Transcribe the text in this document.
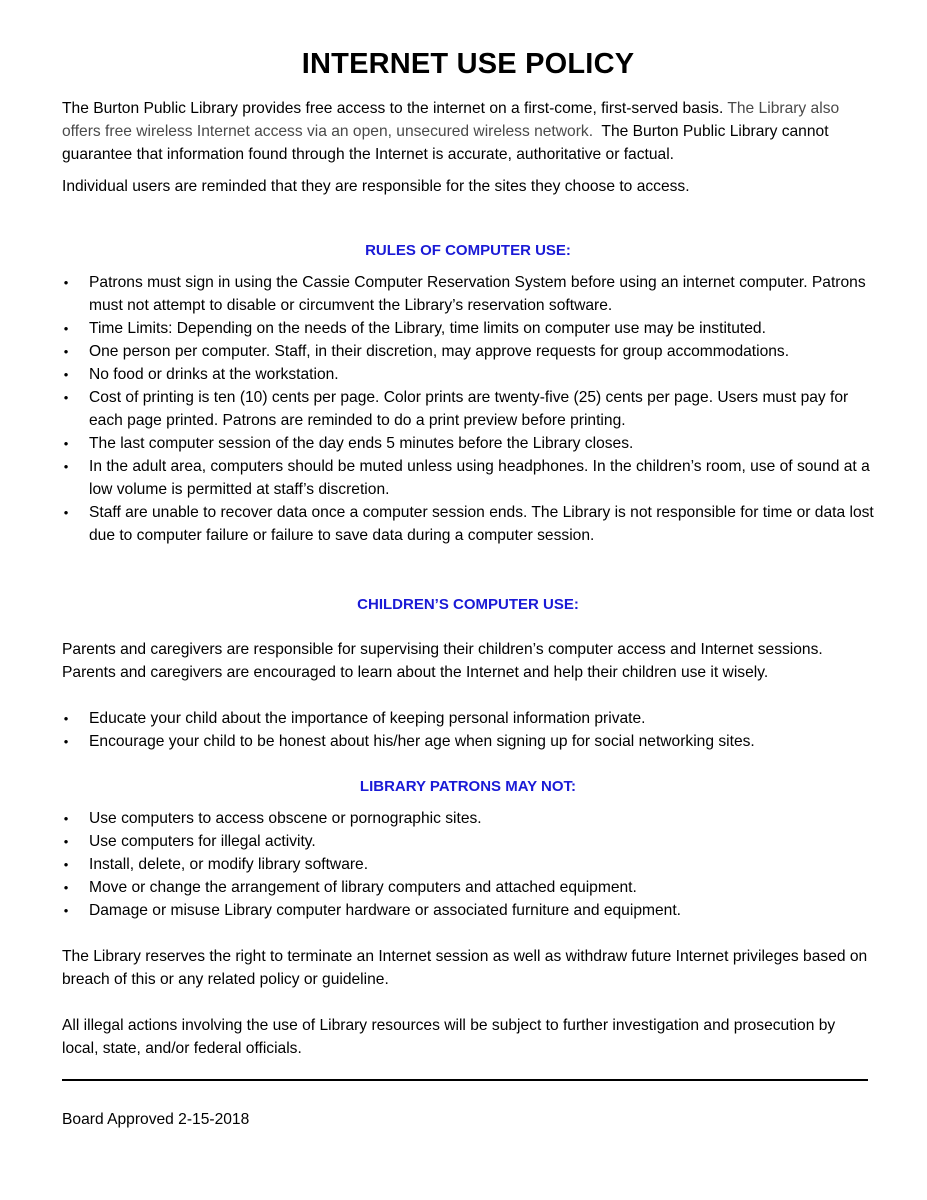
INTERNET USE POLICY

The Burton Public Library provides free access to the internet on a first-come, first-served basis. The Library also offers free wireless Internet access via an open, unsecured wireless network. The Burton Public Library cannot guarantee that information found through the Internet is accurate, authoritative or factual.

Individual users are reminded that they are responsible for the sites they choose to access.

RULES OF COMPUTER USE:
• Patrons must sign in using the Cassie Computer Reservation System before using an internet computer. Patrons must not attempt to disable or circumvent the Library’s reservation software.
• Time Limits: Depending on the needs of the Library, time limits on computer use may be instituted.
• One person per computer. Staff, in their discretion, may approve requests for group accommodations.
• No food or drinks at the workstation.
• Cost of printing is ten (10) cents per page. Color prints are twenty-five (25) cents per page. Users must pay for each page printed. Patrons are reminded to do a print preview before printing.
• The last computer session of the day ends 5 minutes before the Library closes.
• In the adult area, computers should be muted unless using headphones. In the children’s room, use of sound at a low volume is permitted at staff’s discretion.
• Staff are unable to recover data once a computer session ends. The Library is not responsible for time or data lost due to computer failure or failure to save data during a computer session.
CHILDREN’S COMPUTER USE:

Parents and caregivers are responsible for supervising their children’s computer access and Internet sessions. Parents and caregivers are encouraged to learn about the Internet and help their children use it wisely.

• Educate your child about the importance of keeping personal information private.
• Encourage your child to be honest about his/her age when signing up for social networking sites.
LIBRARY PATRONS MAY NOT:
• Use computers to access obscene or pornographic sites.
• Use computers for illegal activity.
• Install, delete, or modify library software.
• Move or change the arrangement of library computers and attached equipment.
• Damage or misuse Library computer hardware or associated furniture and equipment.

The Library reserves the right to terminate an Internet session as well as withdraw future Internet privileges based on breach of this or any related policy or guideline.

All illegal actions involving the use of Library resources will be subject to further investigation and prosecution by local, state, and/or federal officials.

Board Approved 2-15-2018
